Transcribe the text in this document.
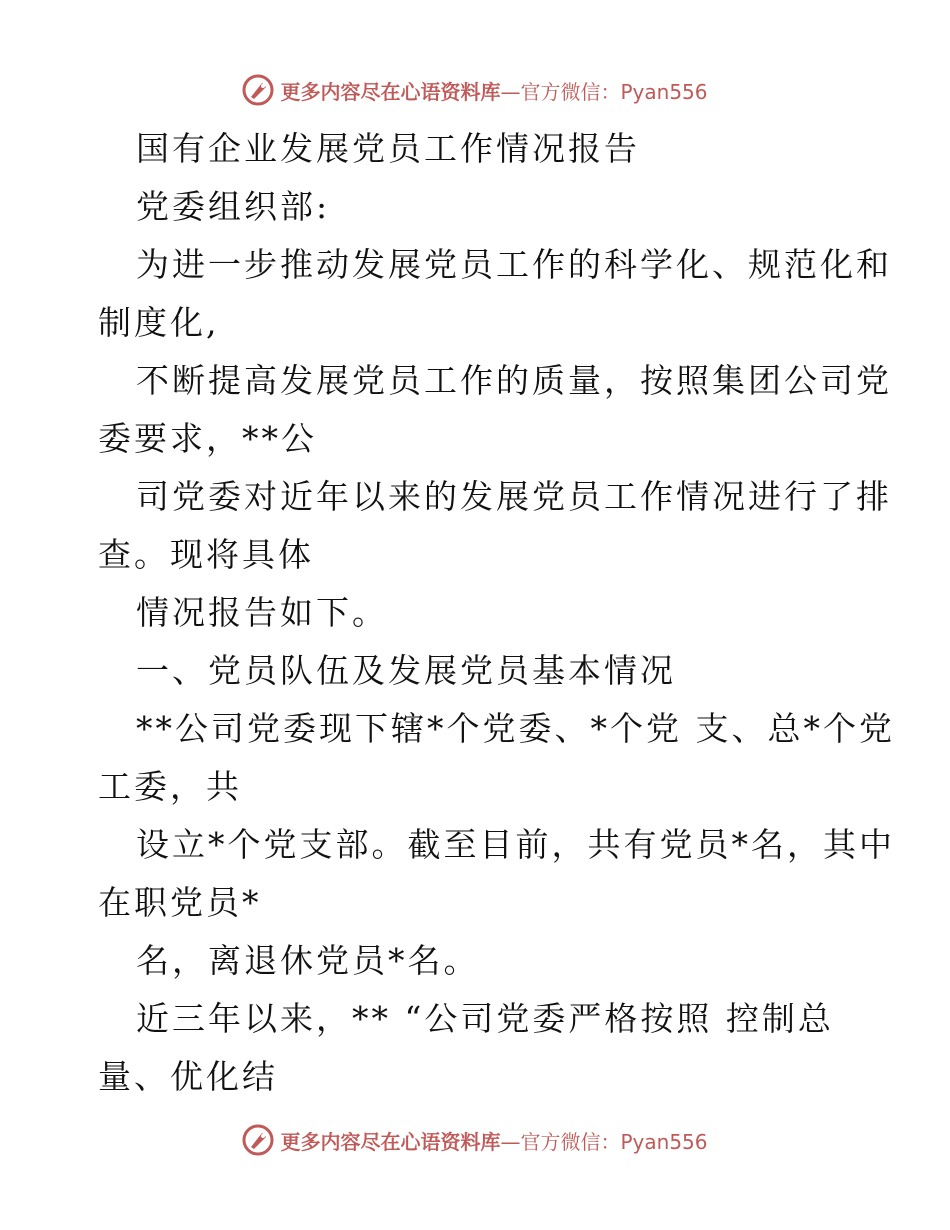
更多内容尽在心语资料库—官方微信：Pyan556
国有企业发展党员工作情况报告
党委组织部:
为进一步推动发展党员工作的科学化、规范化和
制度化,
不断提高发展党员工作的质量，按照集团公司党
委要求，**公
司党委对近年以来的发展党员工作情况进行了排
查。现将具体
情况报告如下。
一、党员队伍及发展党员基本情况
**公司党委现下辖*个党委、*个党 支、总*个党
工委，共
设立*个党支部。截至目前，共有党员*名，其中
在职党员*
名，离退休党员*名。
近三年以来，** “公司党委严格按照 控制总
量、优化结
更多内容尽在心语资料库—官方微信：Pyan556
